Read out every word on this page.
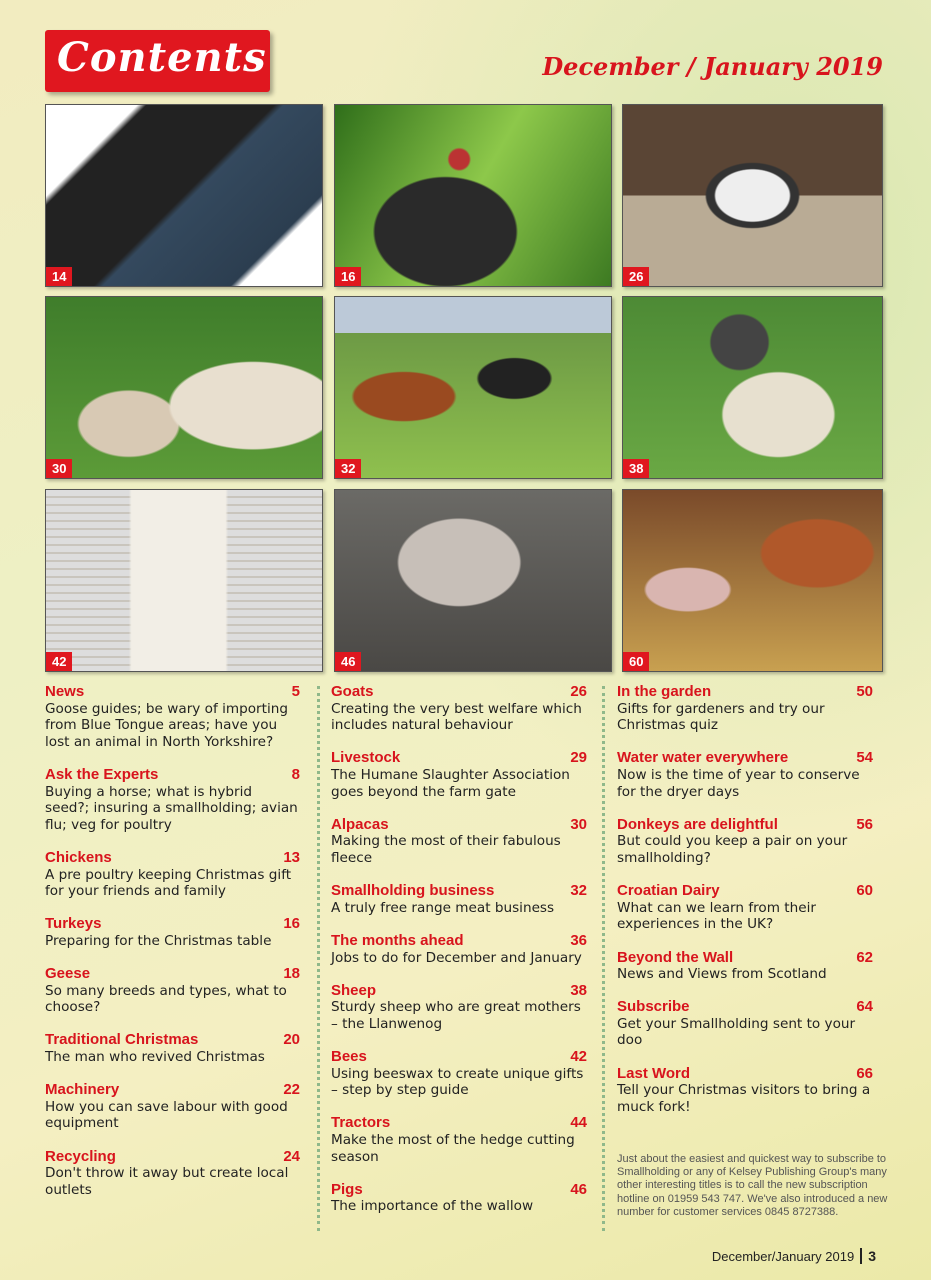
Contents	December / January 2019
14	16	26
30	32	38
42	46	60
News	5
Goose guides; be wary of importing from Blue Tongue areas; have you lost an animal in North Yorkshire?
Ask the Experts	8
Buying a horse; what is hybrid seed?; insuring a smallholding; avian flu; veg for poultry
Chickens	13
A pre poultry keeping Christmas gift for your friends and family
Turkeys	16
Preparing for the Christmas table
Geese	18
So many breeds and types, what to choose?
Traditional Christmas	20
The man who revived Christmas
Machinery	22
How you can save labour with good equipment
Recycling	24
Don't throw it away but create local outlets
Goats	26
Creating the very best welfare which includes natural behaviour
Livestock	29
The Humane Slaughter Association goes beyond the farm gate
Alpacas	30
Making the most of their fabulous fleece
Smallholding business	32
A truly free range meat business
The months ahead	36
Jobs to do for December and January
Sheep	38
Sturdy sheep who are great mothers – the Llanwenog
Bees	42
Using beeswax to create unique gifts – step by step guide
Tractors	44
Make the most of the hedge cutting season
Pigs	46
The importance of the wallow
In the garden	50
Gifts for gardeners and try our Christmas quiz
Water water everywhere	54
Now is the time of year to conserve for the dryer days
Donkeys are delightful	56
But could you keep a pair on your smallholding?
Croatian Dairy	60
What can we learn from their experiences in the UK?
Beyond the Wall	62
News and Views from Scotland
Subscribe	64
Get your Smallholding sent to your doo
Last Word	66
Tell your Christmas visitors to bring a muck fork!
Just about the easiest and quickest way to subscribe to Smallholding or any of Kelsey Publishing Group's many other interesting titles is to call the new subscription hotline on 01959 543 747. We've also introduced a new number for customer services 0845 8727388.
December/January 2019 3
